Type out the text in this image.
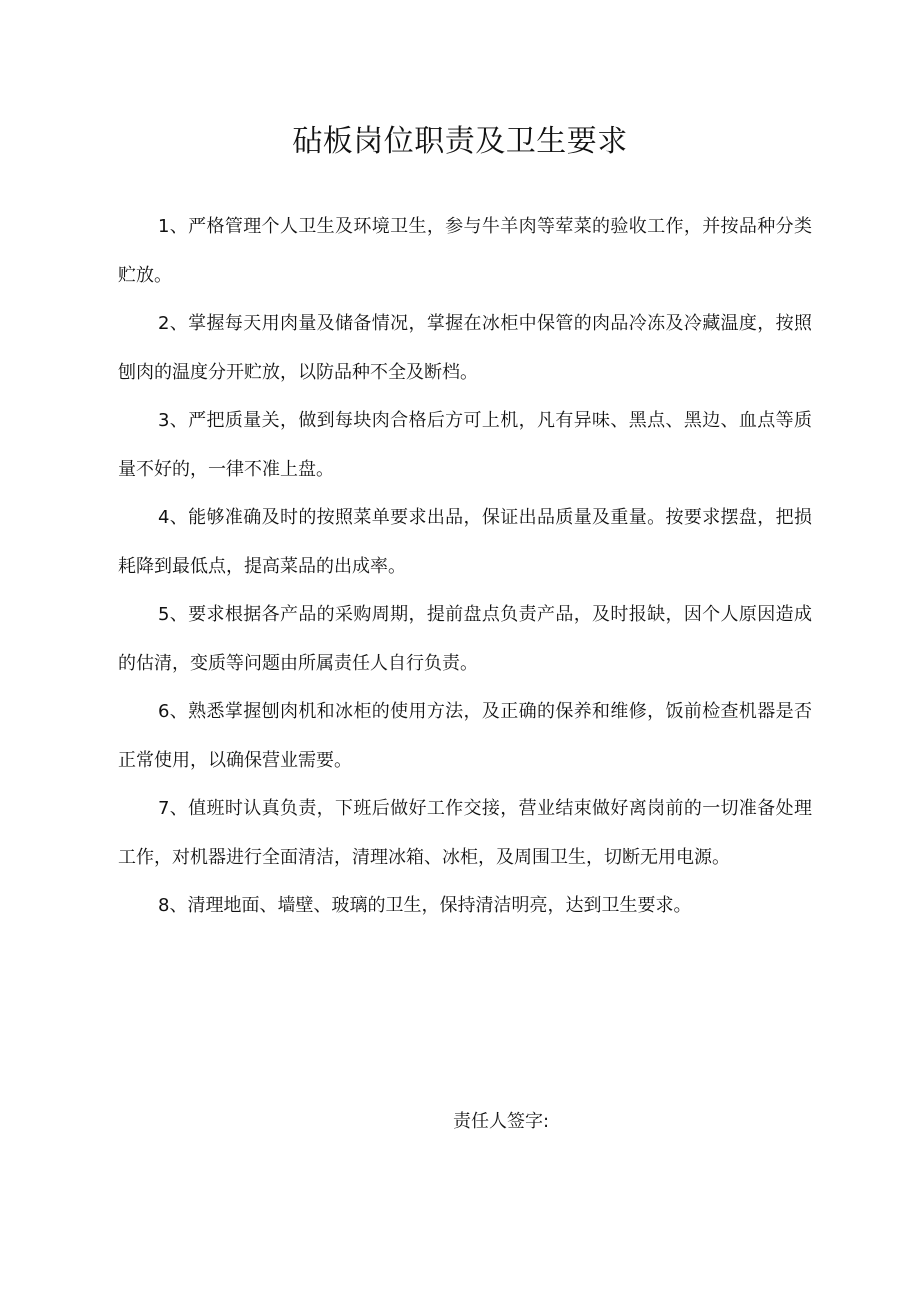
砧板岗位职责及卫生要求
1、严格管理个人卫生及环境卫生，参与牛羊肉等荤菜的验收工作，并按品种分类贮放。
2、掌握每天用肉量及储备情况，掌握在冰柜中保管的肉品冷冻及冷藏温度，按照刨肉的温度分开贮放，以防品种不全及断档。
3、严把质量关，做到每块肉合格后方可上机，凡有异味、黑点、黑边、血点等质量不好的，一律不准上盘。
4、能够准确及时的按照菜单要求出品，保证出品质量及重量。按要求摆盘，把损耗降到最低点，提高菜品的出成率。
5、要求根据各产品的采购周期，提前盘点负责产品，及时报缺，因个人原因造成的估清，变质等问题由所属责任人自行负责。
6、熟悉掌握刨肉机和冰柜的使用方法，及正确的保养和维修，饭前检查机器是否正常使用，以确保营业需要。
7、值班时认真负责，下班后做好工作交接，营业结束做好离岗前的一切准备处理工作，对机器进行全面清洁，清理冰箱、冰柜，及周围卫生，切断无用电源。
8、清理地面、墙壁、玻璃的卫生，保持清洁明亮，达到卫生要求。

责任人签字:
